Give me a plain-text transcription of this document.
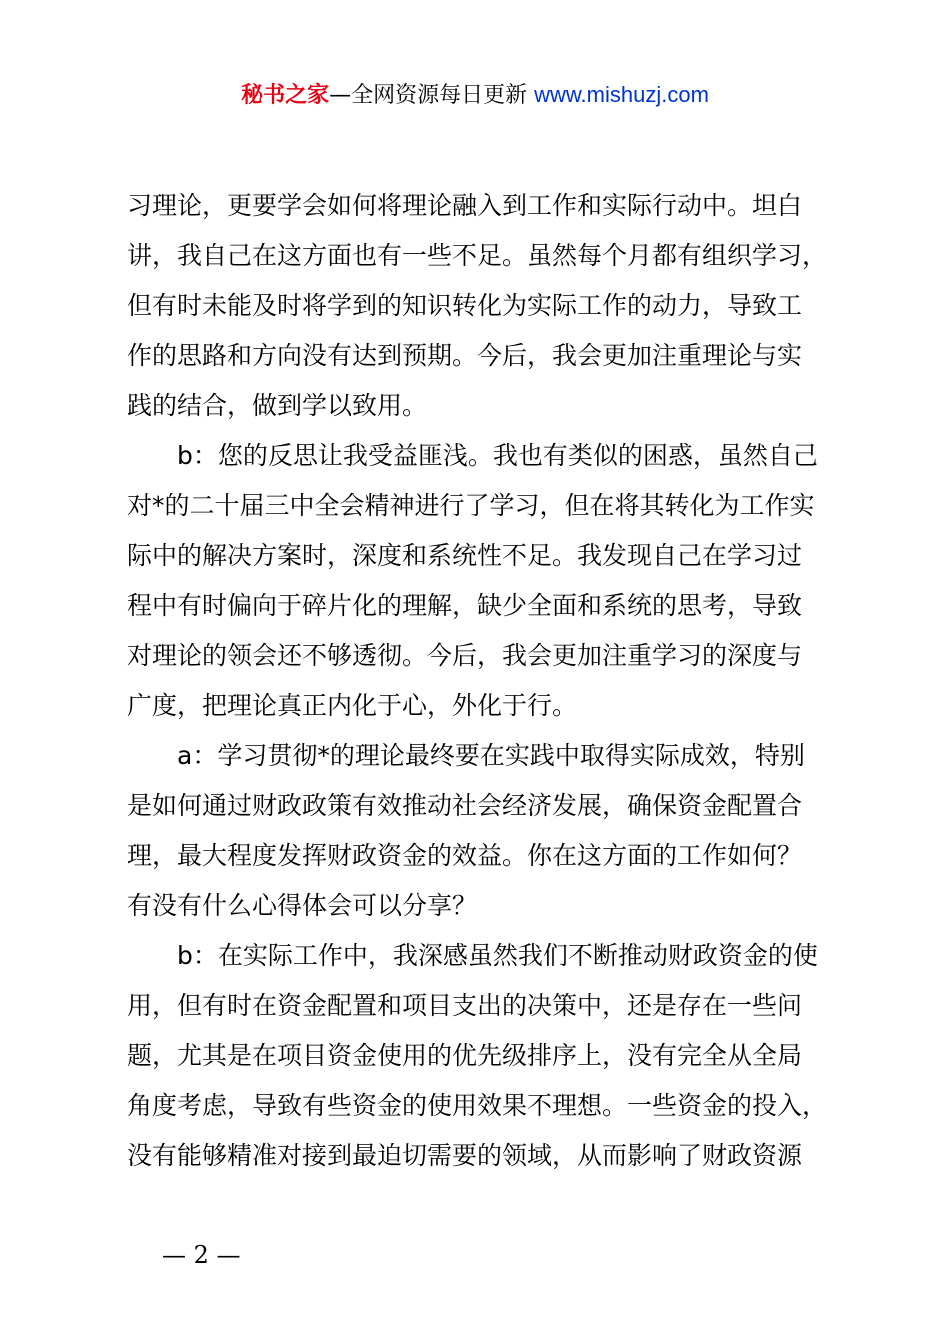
秘书之家—全网资源每日更新 www.mishuzj.com
习理论，更要学会如何将理论融入到工作和实际行动中。坦白
讲，我自己在这方面也有一些不足。虽然每个月都有组织学习，
但有时未能及时将学到的知识转化为实际工作的动力，导致工
作的思路和方向没有达到预期。今后，我会更加注重理论与实
践的结合，做到学以致用。
b：您的反思让我受益匪浅。我也有类似的困惑，虽然自己
对*的二十届三中全会精神进行了学习，但在将其转化为工作实
际中的解决方案时，深度和系统性不足。我发现自己在学习过
程中有时偏向于碎片化的理解，缺少全面和系统的思考，导致
对理论的领会还不够透彻。今后，我会更加注重学习的深度与
广度，把理论真正内化于心，外化于行。
a：学习贯彻*的理论最终要在实践中取得实际成效，特别
是如何通过财政政策有效推动社会经济发展，确保资金配置合
理，最大程度发挥财政资金的效益。你在这方面的工作如何？
有没有什么心得体会可以分享？
b：在实际工作中，我深感虽然我们不断推动财政资金的使
用，但有时在资金配置和项目支出的决策中，还是存在一些问
题，尤其是在项目资金使用的优先级排序上，没有完全从全局
角度考虑，导致有些资金的使用效果不理想。一些资金的投入，
没有能够精准对接到最迫切需要的领域，从而影响了财政资源
— 2 —
